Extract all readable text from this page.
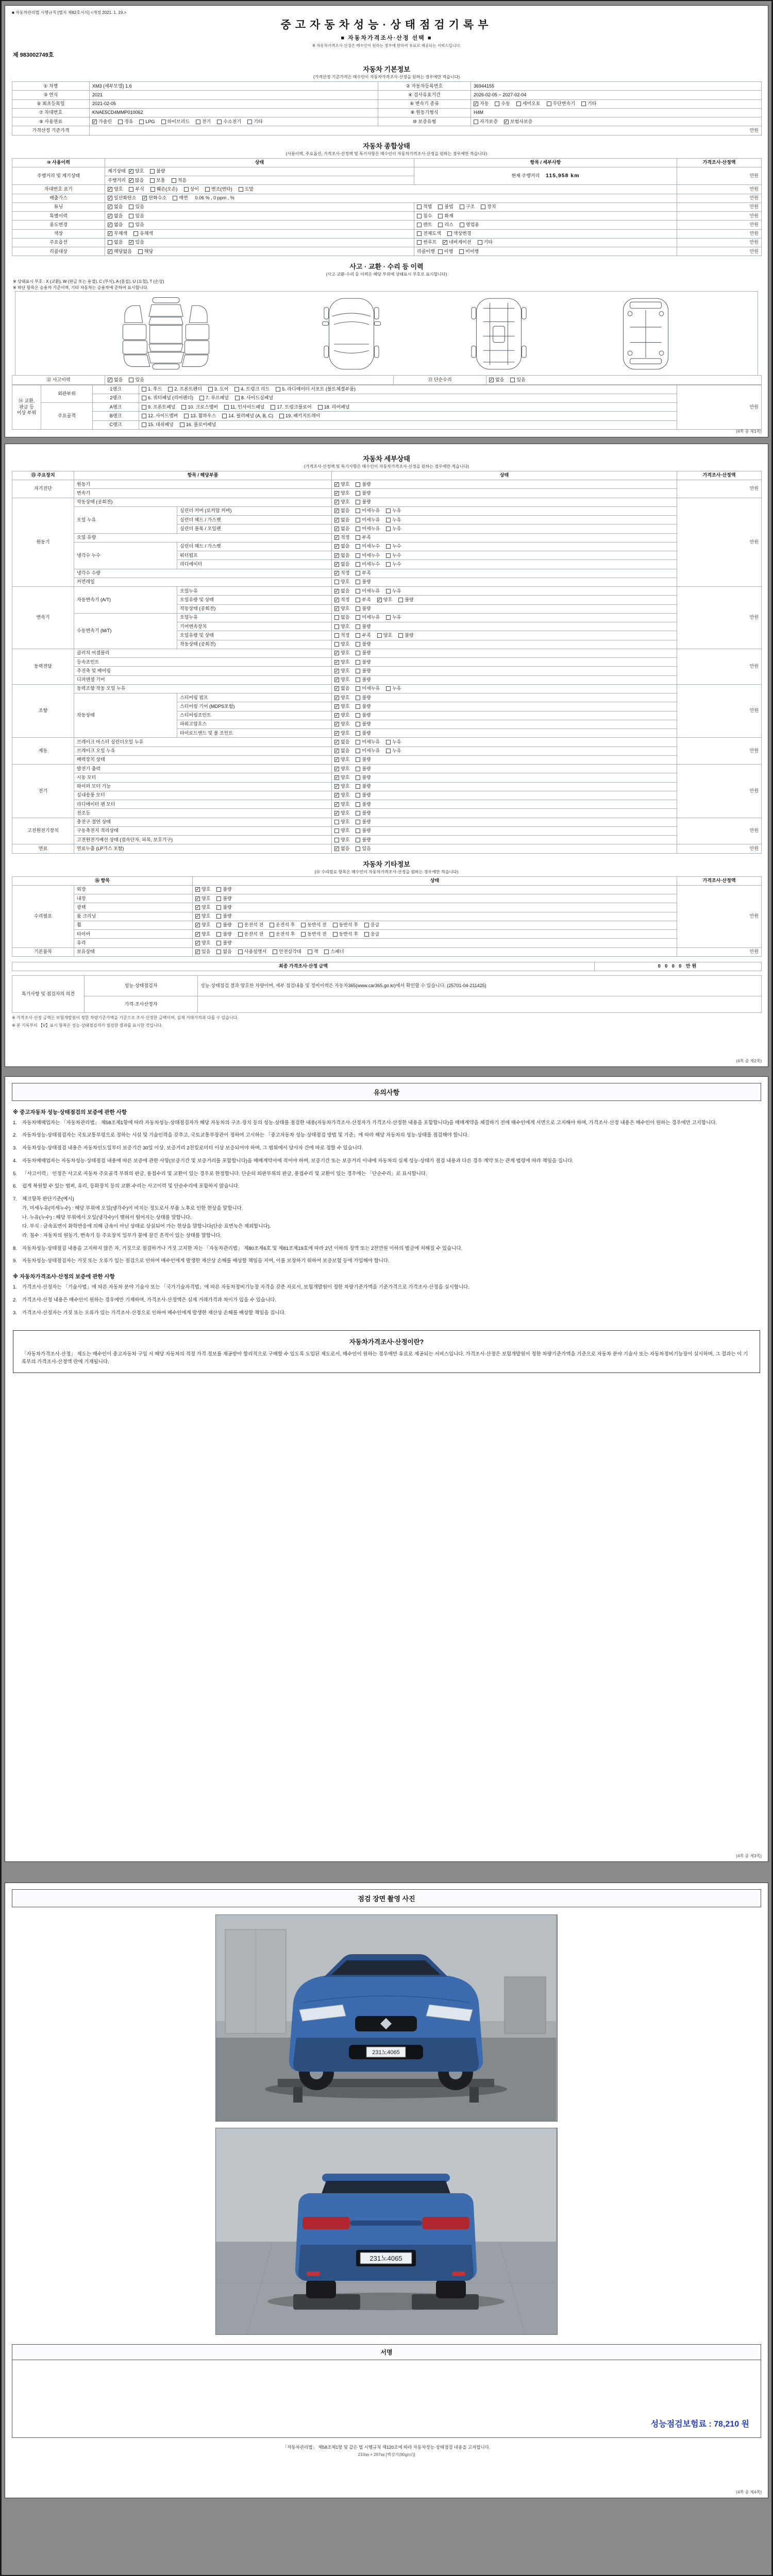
■ 자동차관리법 시행규칙 [별지 제82호서식] <개정 2021. 1. 19.>
중고자동차성능·상태점검기록부
■ 자동차가격조사·산정 선택 ■
※ 자동차가격조사·산정은 매수인이 원하는 경우에 한하여 유료로 제공되는 서비스입니다.
제 983002749호
자동차 기본정보
(가격산정 기준가격은 매수인이 자동차가격조사·산정을 원하는 경우에만 적습니다)
① 차명	XM3 (세부모델) 1.6	② 자동차등록번호	36944155
③ 연식	2021	④ 검사유효기간	2026-02-05 ~ 2027-02-04
⑤ 최초등록일	2021-02-05	⑥ 변속기 종류	✓ 자동	수동	세미오토	무단변속기	기타

⑦ 차대번호	KNAE5CD4MMP010062	⑧ 원동기형식	H4M
⑨ 사용연료	✓ 가솔린	경유	LPG	하이브리드	전기	수소전기	기타	⑩ 보증유형	자가보증 ✓ 보험사보증

가격산정 기준가격	만원		
자동차 종합상태
(사용이력, 주요옵션, 가격조사·산정액 및 특기사항은 매수인이 자동차가격조사·산정을 원하는 경우에만 적습니다)
⑩ 사용이력	상태	항목 / 세부사항	가격조사·산정액
주행거리 및 계기상태	계기상태 ✓ 양호 불량	현재 주행거리 115,958 km	만원
	주행거리 ✓ 많음 보통 적음		

차대번호 표기	✓ 양호	부식	훼손(오손)	상이	변조(변타)	도말	만원
배출가스	✓ 일산화탄소 ✓ 탄화수소	매연 0.06 % , 0 ppm , %	만원
튜닝	✓ 없음 있음	적법 불법 구조 장치	만원
특별이력	✓ 없음 있음	침수 화재	만원
용도변경	✓ 없음 있음	렌트 리스 영업용	만원
색상	✓ 무채색 유채색	전체도색 색상변경	만원
주요옵션	없음 ✓ 있음	썬루프 ✓ 네비게이션 기타	만원
리콜대상	✓ 해당없음 해당	리콜이행 이행 미이행	만원
사고 · 교환 · 수리 등 이력
(사고·교환·수리 등 이력은 해당 부위에 상태표시 부호로 표시합니다)
※ 상태표시 부호 : X (교환), W (판금 또는 용접), C (부식), A (흠집), U (요철), T (손상)
※ 하단 항목은 승용차 기준이며, 기타 자동차는 승용차에 준하여 표시합니다.
⑫ 사고이력	✓ 없음	있음	⑬ 단순수리	✓ 없음	있음
⑭ 교환, 판금 등 이상 부위	외판부위	1랭크	1. 후드 2. 프론트펜더 3. 도어 4. 트렁크 리드 5. 라디에이터 서포트 (볼트체결부품)	만원
		2랭크	6. 쿼터패널 (리어펜더) 7. 루프패널 8. 사이드실패널	

	주요골격	A랭크	9. 프론트패널 10. 크로스멤버 11. 인사이드패널 17. 트렁크플로어 18. 리어패널	

		B랭크	12. 사이드멤버 13. 휠하우스 14. 필러패널 (A, B, C) 19. 패키지트레이	

		C랭크	15. 대쉬패널 16. 플로어패널	
(4쪽 중 제1쪽)
자동차 세부상태
(가격조사·산정액 및 특기사항은 매수인이 자동차가격조사·산정을 원하는 경우에만 적습니다)
⑮ 주요장치	항목 / 해당부품		상태	가격조사·산정액
자기진단	원동기		✓ 양호 불량	만원
	변속기		✓ 양호 불량	

원동기	작동상태 (공회전)		✓ 양호 불량	만원
	오일 누유	실린더 커버 (로커암 커버)	✓ 없음 미세누유 누유	

		실린더 헤드 / 가스켓	✓ 없음 미세누유 누유	

		실린더 블록 / 오일팬	✓ 없음 미세누유 누유	

	오일 유량		✓ 적정 부족	

	냉각수 누수	실린더 헤드 / 가스켓	✓ 없음 미세누수 누수	

		워터펌프	✓ 없음 미세누수 누수	

		라디에이터	✓ 없음 미세누수 누수	

	냉각수 수량		✓ 적정 부족	

	커먼레일		양호 불량	

변속기	자동변속기 (A/T)	오일누유	✓ 없음 미세누유 누유	만원
오일유량 및 상태	✓ 적정	부족 ✓ 양호	불량

		작동상태 (공회전)	✓ 양호 불량	

	수동변속기 (M/T)	오일누유	없음 미세누유 누유	

		기어변속장치	양호 불량	

		오일유량 및 상태	적정 부족 양호 불량	

		작동상태 (공회전)	양호 불량	

동력전달	클러치 어셈블리		✓ 양호 불량	만원
	등속조인트		✓ 양호 불량	

	추진축 및 베어링		✓ 양호 불량	

	디퍼렌셜 기어		✓ 양호 불량	

조향	동력조향 작동 오일 누유		✓ 없음 미세누유 누유	만원
	작동상태	스티어링 펌프	✓ 양호 불량	

		스티어링 기어 (MDPS포함)	✓ 양호 불량	

		스티어링조인트	✓ 양호 불량	

		파워고압호스	✓ 양호 불량	

		타이로드엔드 및 볼 조인트	✓ 양호 불량	

제동	브레이크 마스터 실린더오일 누유		✓ 없음 미세누유 누유	만원
	브레이크 오일 누유		✓ 없음 미세누유 누유	

	배력장치 상태		✓ 양호 불량	

전기	발전기 출력		✓ 양호 불량	만원
	시동 모터		✓ 양호 불량	

	와이퍼 모터 기능		✓ 양호 불량	

	실내송풍 모터		✓ 양호 불량	

	라디에이터 팬 모터		✓ 양호 불량	

	전조등		✓ 양호 불량	

고전원전기장치	충전구 절연 상태		양호 불량	만원
	구동축전지 격리상태		양호 불량	

	고전원전기배선 상태 (접속단자, 피복, 보호기구)		양호 불량	

연료	연료누출 (LP가스 포함)		✓ 없음 있음	만원
자동차 기타정보
(⑯ 수리필요 항목은 매수인이 자동차가격조사·산정을 원하는 경우에만 적습니다)
⑯ 항목		상태	가격조사·산정액
수리필요	외장	✓ 양호 불량	만원
	내장	✓ 양호 불량	

	광택	✓ 양호 불량	

	룸 크리닝	✓ 양호 불량	

휠	✓ 양호	불량	운전석 전	운전석 후	동반석 전	동반석 후	응급

타이어	✓ 양호	불량	운전석 전	운전석 후	동반석 전	동반석 후	응급

	유리	✓ 양호 불량	

기본품목	보유상태	✓ 있음	없음	사용설명서	안전삼각대	잭	스패너	만원
최종 가격조사·산정 금액	0 0 0 0 만원
특기사항 및 점검자의 의견	성능·상태점검자	성능·상태점검 결과 양호한 차량이며, 세부 점검내용 및 정비이력은 자동차365(www.car365.go.kr)에서 확인할 수 있습니다. (25701-04-211425)
	가격·조사산정자	
※ 가격조사·산정 금액은 보험개발원이 정한 차량기준가액을 기준으로 조사·산정한 금액이며, 실제 거래가격과 다를 수 있습니다.
※ 본 기록부의 【V】표시 항목은 성능·상태점검자가 점검한 결과를 표시한 것입니다.
(4쪽 중 제2쪽)
유의사항
※ 중고자동차 성능·상태점검의 보증에 관한 사항
1.	자동차매매업자는 「자동차관리법」 제58조제1항에 따라 자동차성능·상태점검자가 해당 자동차의 구조·장치 등의 성능·상태를 점검한 내용(자동차가격조사·산정자가 가격조사·산정한 내용을 포함합니다)을 매매계약을 체결하기 전에 매수인에게 서면으로 고지해야 하며, 가격조사·산정 내용은 매수인이 원하는 경우에만 고지합니다.
2.	자동차성능·상태점검자는 국토교통부령으로 정하는 시설 및 기술인력을 갖추고, 국토교통부장관이 정하여 고시하는 「중고자동차 성능·상태점검 방법 및 기준」에 따라 해당 자동차의 성능·상태를 점검해야 합니다.
3.	자동차성능·상태점검 내용은 자동차인도일부터 보증기간 30일 이상, 보증거리 2천킬로미터 이상 보증되어야 하며, 그 범위에서 당사자 간에 따로 정할 수 있습니다.
4.	자동차매매업자는 자동차성능·상태점검 내용에 따른 보증에 관한 사항(보증기간 및 보증거리를 포함합니다)을 매매계약서에 적어야 하며, 보증기간 또는 보증거리 이내에 자동차의 실제 성능·상태가 점검 내용과 다른 경우 계약 또는 관계 법령에 따라 책임을 집니다.
5.	「사고이력」 인정은 사고로 자동차 주요골격 부위의 판금, 용접수리 및 교환이 있는 경우로 한정합니다. 단순히 외판부위의 판금, 용접수리 및 교환이 있는 경우에는 「단순수리」로 표시합니다.
6.	쉽게 복원할 수 있는 범퍼, 유리, 등화장치 등의 교환·수리는 사고이력 및 단순수리에 포함하지 않습니다.
7.	체크항목 판단기준(예시)
가. 미세누유(미세누수) : 해당 부위에 오일(냉각수)이 비치는 정도로서 부품 노후로 인한 현상을 말합니다.
나. 누유(누수) : 해당 부위에서 오일(냉각수)이 맺혀서 떨어지는 상태를 말합니다.
다. 부식 : 금속표면이 화학반응에 의해 금속이 아닌 상태로 상실되어 가는 현상을 말합니다(단순 표면녹은 제외합니다).
라. 침수 : 자동차의 원동기, 변속기 등 주요장치 일부가 물에 잠긴 흔적이 있는 상태를 말합니다.
8.	자동차성능·상태점검 내용을 고지하지 않은 자, 거짓으로 점검하거나 거짓 고지한 자는 「자동차관리법」 제80조제6호 및 제81조제19호에 따라 2년 이하의 징역 또는 2천만원 이하의 벌금에 처해질 수 있습니다.
9.	자동차성능·상태점검자는 거짓 또는 오류가 있는 점검으로 인하여 매수인에게 발생한 재산상 손해를 배상할 책임을 지며, 이를 보장하기 위하여 보증보험 등에 가입해야 합니다.
※ 자동차가격조사·산정의 보증에 관한 사항
1.	가격조사·산정자는 「기술사법」에 따른 자동차 분야 기술사 또는 「국가기술자격법」에 따른 자동차정비기능장 자격을 갖춘 자로서, 보험개발원이 정한 차량기준가액을 기준가격으로 가격조사·산정을 실시합니다.
2.	가격조사·산정 내용은 매수인이 원하는 경우에만 기재하며, 가격조사·산정액은 실제 거래가격과 차이가 있을 수 있습니다.
3.	가격조사·산정자는 거짓 또는 오류가 있는 가격조사·산정으로 인하여 매수인에게 발생한 재산상 손해를 배상할 책임을 집니다.
자동차가격조사·산정이란?
「자동차가격조사·산정」 제도는 매수인이 중고자동차 구입 시 해당 자동차의 적정 가격 정보를 제공받아 합리적으로 구매할 수 있도록 도입된 제도로서, 매수인이 원하는 경우에만 유료로 제공되는 서비스입니다. 가격조사·산정은 보험개발원이 정한 차량기준가액을 기준으로 자동차 분야 기술사 또는 자동차정비기능장이 실시하며, 그 결과는 이 기록부의 가격조사·산정액 란에 기재됩니다.
(4쪽 중 제3쪽)
점검 장면 촬영 사진
231노4065
231노4065
서명
성능점검보험료 : 78,210 원
「자동차관리법」 제58조제1항 및 같은 법 시행규칙 제120조에 따라 자동차성능·상태점검 내용을 고지합니다.
210㎜ × 297㎜ [백상지(80g/㎡)]
(4쪽 중 제4쪽)
